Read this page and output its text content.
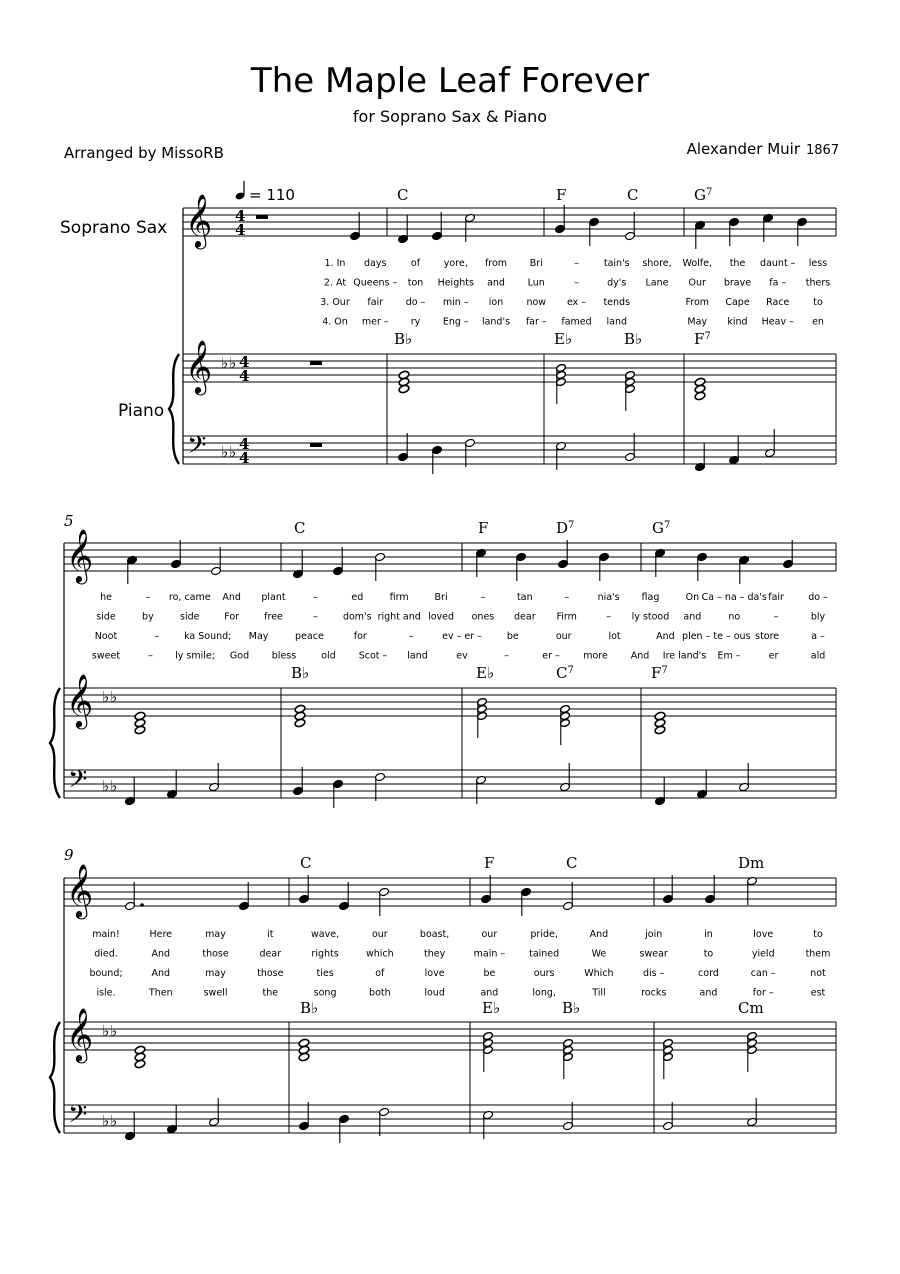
The Maple Leaf Forever
for Soprano Sax & Piano
Arranged by MissoRB	Alexander Muir 1867
Soprano Sax
Piano
= 110
5
9
𝄞
𝄞
𝄢
♭ ♭
♭ ♭
4
4
4
4
4
4
C	F	C	$G^7$
B♭	E♭	B♭	$F^7$
1. In days	of yore, from Bri	–	tain's shore, Wolfe, the daunt – less
2. At Queens – ton Heights and Lun	–	dy's Lane Our brave fa – thers
3. Our fair do – min – ion now ex – tends	From Cape Race	to
4. On mer – ry Eng – land's far – famed land	May kind Heav – en
𝄞
𝄞
𝄢
♭ ♭
♭ ♭
C	F	$D^7$	$G^7$
B♭	E♭	$C^7$	$F^7$
he	– ro, came And plant	–	ed	firm	Bri	–	tan	–	nia's flag	On Ca – na – da's fair	do –
side	by	side	For	free	–	dom's right and loved ones dear Firm	– ly stood and	no	–	bly
Noot	–	ka Sound; May	peace	for	–	ev – er –	be	our	lot	And plen – te – ous store	a –
sweet	– ly smile; God bless	old Scot – land	ev	–	er – more And Ire land's Em –	er	ald
𝄞
𝄞
𝄢
♭ ♭
♭ ♭
C	F	C	Dm
B♭	E♭	B♭	Cm
main!	Here	may	it	wave,	our	boast,	our	pride,	And	join	in	love	to
died.	And	those	dear	rights	which	they	main –	tained	We	swear	to	yield	them
bound;	And	may	those	ties	of	love	be	ours	Which	dis –	cord	can –	not
isle.	Then	swell	the	song	both	loud	and	long,	Till	rocks	and	for –	est
